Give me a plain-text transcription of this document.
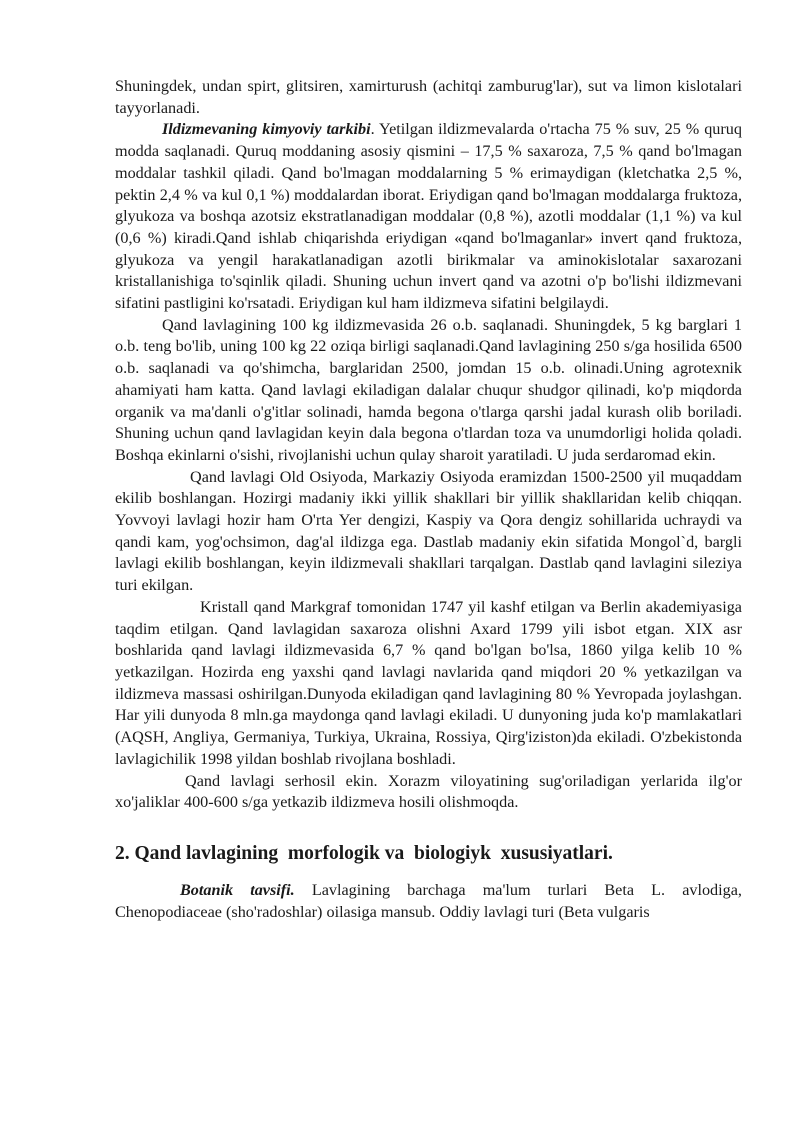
Shuningdek, undan spirt, glitsiren, xamirturush (achitqi zamburug'lar), sut va limon kislotalari tayyorlanadi.

Ildizmevaning kimyoviy tarkibi. Yetilgan ildizmevalarda o'rtacha 75 % suv, 25 % quruq modda saqlanadi. Quruq moddaning asosiy qismini – 17,5 % saxaroza, 7,5 % qand bo'lmagan moddalar tashkil qiladi. Qand bo'lmagan moddalarning 5 % erimaydigan (kletchatka 2,5 %, pektin 2,4 % va kul 0,1 %) moddalardan iborat. Eriydigan qand bo'lmagan moddalarga fruktoza, glyukoza va boshqa azotsiz ekstratlanadigan moddalar (0,8 %), azotli moddalar (1,1 %) va kul (0,6 %) kiradi.Qand ishlab chiqarishda eriydigan «qand bo'lmaganlar» invert qand fruktoza, glyukoza va yengil harakatlanadigan azotli birikmalar va aminokislotalar saxarozani kristallanishiga to'sqinlik qiladi. Shuning uchun invert qand va azotni o'p bo'lishi ildizmevani sifatini pastligini ko'rsatadi. Eriydigan kul ham ildizmeva sifatini belgilaydi.

Qand lavlagining 100 kg ildizmevasida 26 o.b. saqlanadi. Shuningdek, 5 kg barglari 1 o.b. teng bo'lib, uning 100 kg 22 oziqa birligi saqlanadi.Qand lavlagining 250 s/ga hosilida 6500 o.b. saqlanadi va qo'shimcha, barglaridan 2500, jomdan 15 o.b. olinadi.Uning agrotexnik ahamiyati ham katta. Qand lavlagi ekiladigan dalalar chuqur shudgor qilinadi, ko'p miqdorda organik va ma'danli o'g'itlar solinadi, hamda begona o'tlarga qarshi jadal kurash olib boriladi. Shuning uchun qand lavlagidan keyin dala begona o'tlardan toza va unumdorligi holida qoladi. Boshqa ekinlarni o'sishi, rivojlanishi uchun qulay sharoit yaratiladi. U juda serdaromad ekin.

Qand lavlagi Old Osiyoda, Markaziy Osiyoda eramizdan 1500-2500 yil muqaddam ekilib boshlangan. Hozirgi madaniy ikki yillik shakllari bir yillik shakllaridan kelib chiqqan. Yovvoyi lavlagi hozir ham O'rta Yer dengizi, Kaspiy va Qora dengiz sohillarida uchraydi va qandi kam, yog'ochsimon, dag'al ildizga ega. Dastlab madaniy ekin sifatida Mongol`d, bargli lavlagi ekilib boshlangan, keyin ildizmevali shakllari tarqalgan. Dastlab qand lavlagini sileziya turi ekilgan.

Kristall qand Markgraf tomonidan 1747 yil kashf etilgan va Berlin akademiyasiga taqdim etilgan. Qand lavlagidan saxaroza olishni Axard 1799 yili isbot etgan. XIX asr boshlarida qand lavlagi ildizmevasida 6,7 % qand bo'lgan bo'lsa, 1860 yilga kelib 10 % yetkazilgan. Hozirda eng yaxshi qand lavlagi navlarida qand miqdori 20 % yetkazilgan va ildizmeva massasi oshirilgan.Dunyoda ekiladigan qand lavlagining 80 % Yevropada joylashgan. Har yili dunyoda 8 mln.ga maydonga qand lavlagi ekiladi. U dunyoning juda ko'p mamlakatlari (AQSH, Angliya, Germaniya, Turkiya, Ukraina, Rossiya, Qirg'iziston)da ekiladi. O'zbekistonda lavlagichilik 1998 yildan boshlab rivojlana boshladi.

Qand lavlagi serhosil ekin. Xorazm viloyatining sug'oriladigan yerlarida ilg'or xo'jaliklar 400-600 s/ga yetkazib ildizmeva hosili olishmoqda.

2. Qand lavlagining  morfologik va  biologiyk  xususiyatlari.

Botanik tavsifi. Lavlagining barchaga ma'lum turlari Beta L. avlodiga, Chenopodiaceae (sho'radoshlar) oilasiga mansub. Oddiy lavlagi turi (Beta vulgaris
